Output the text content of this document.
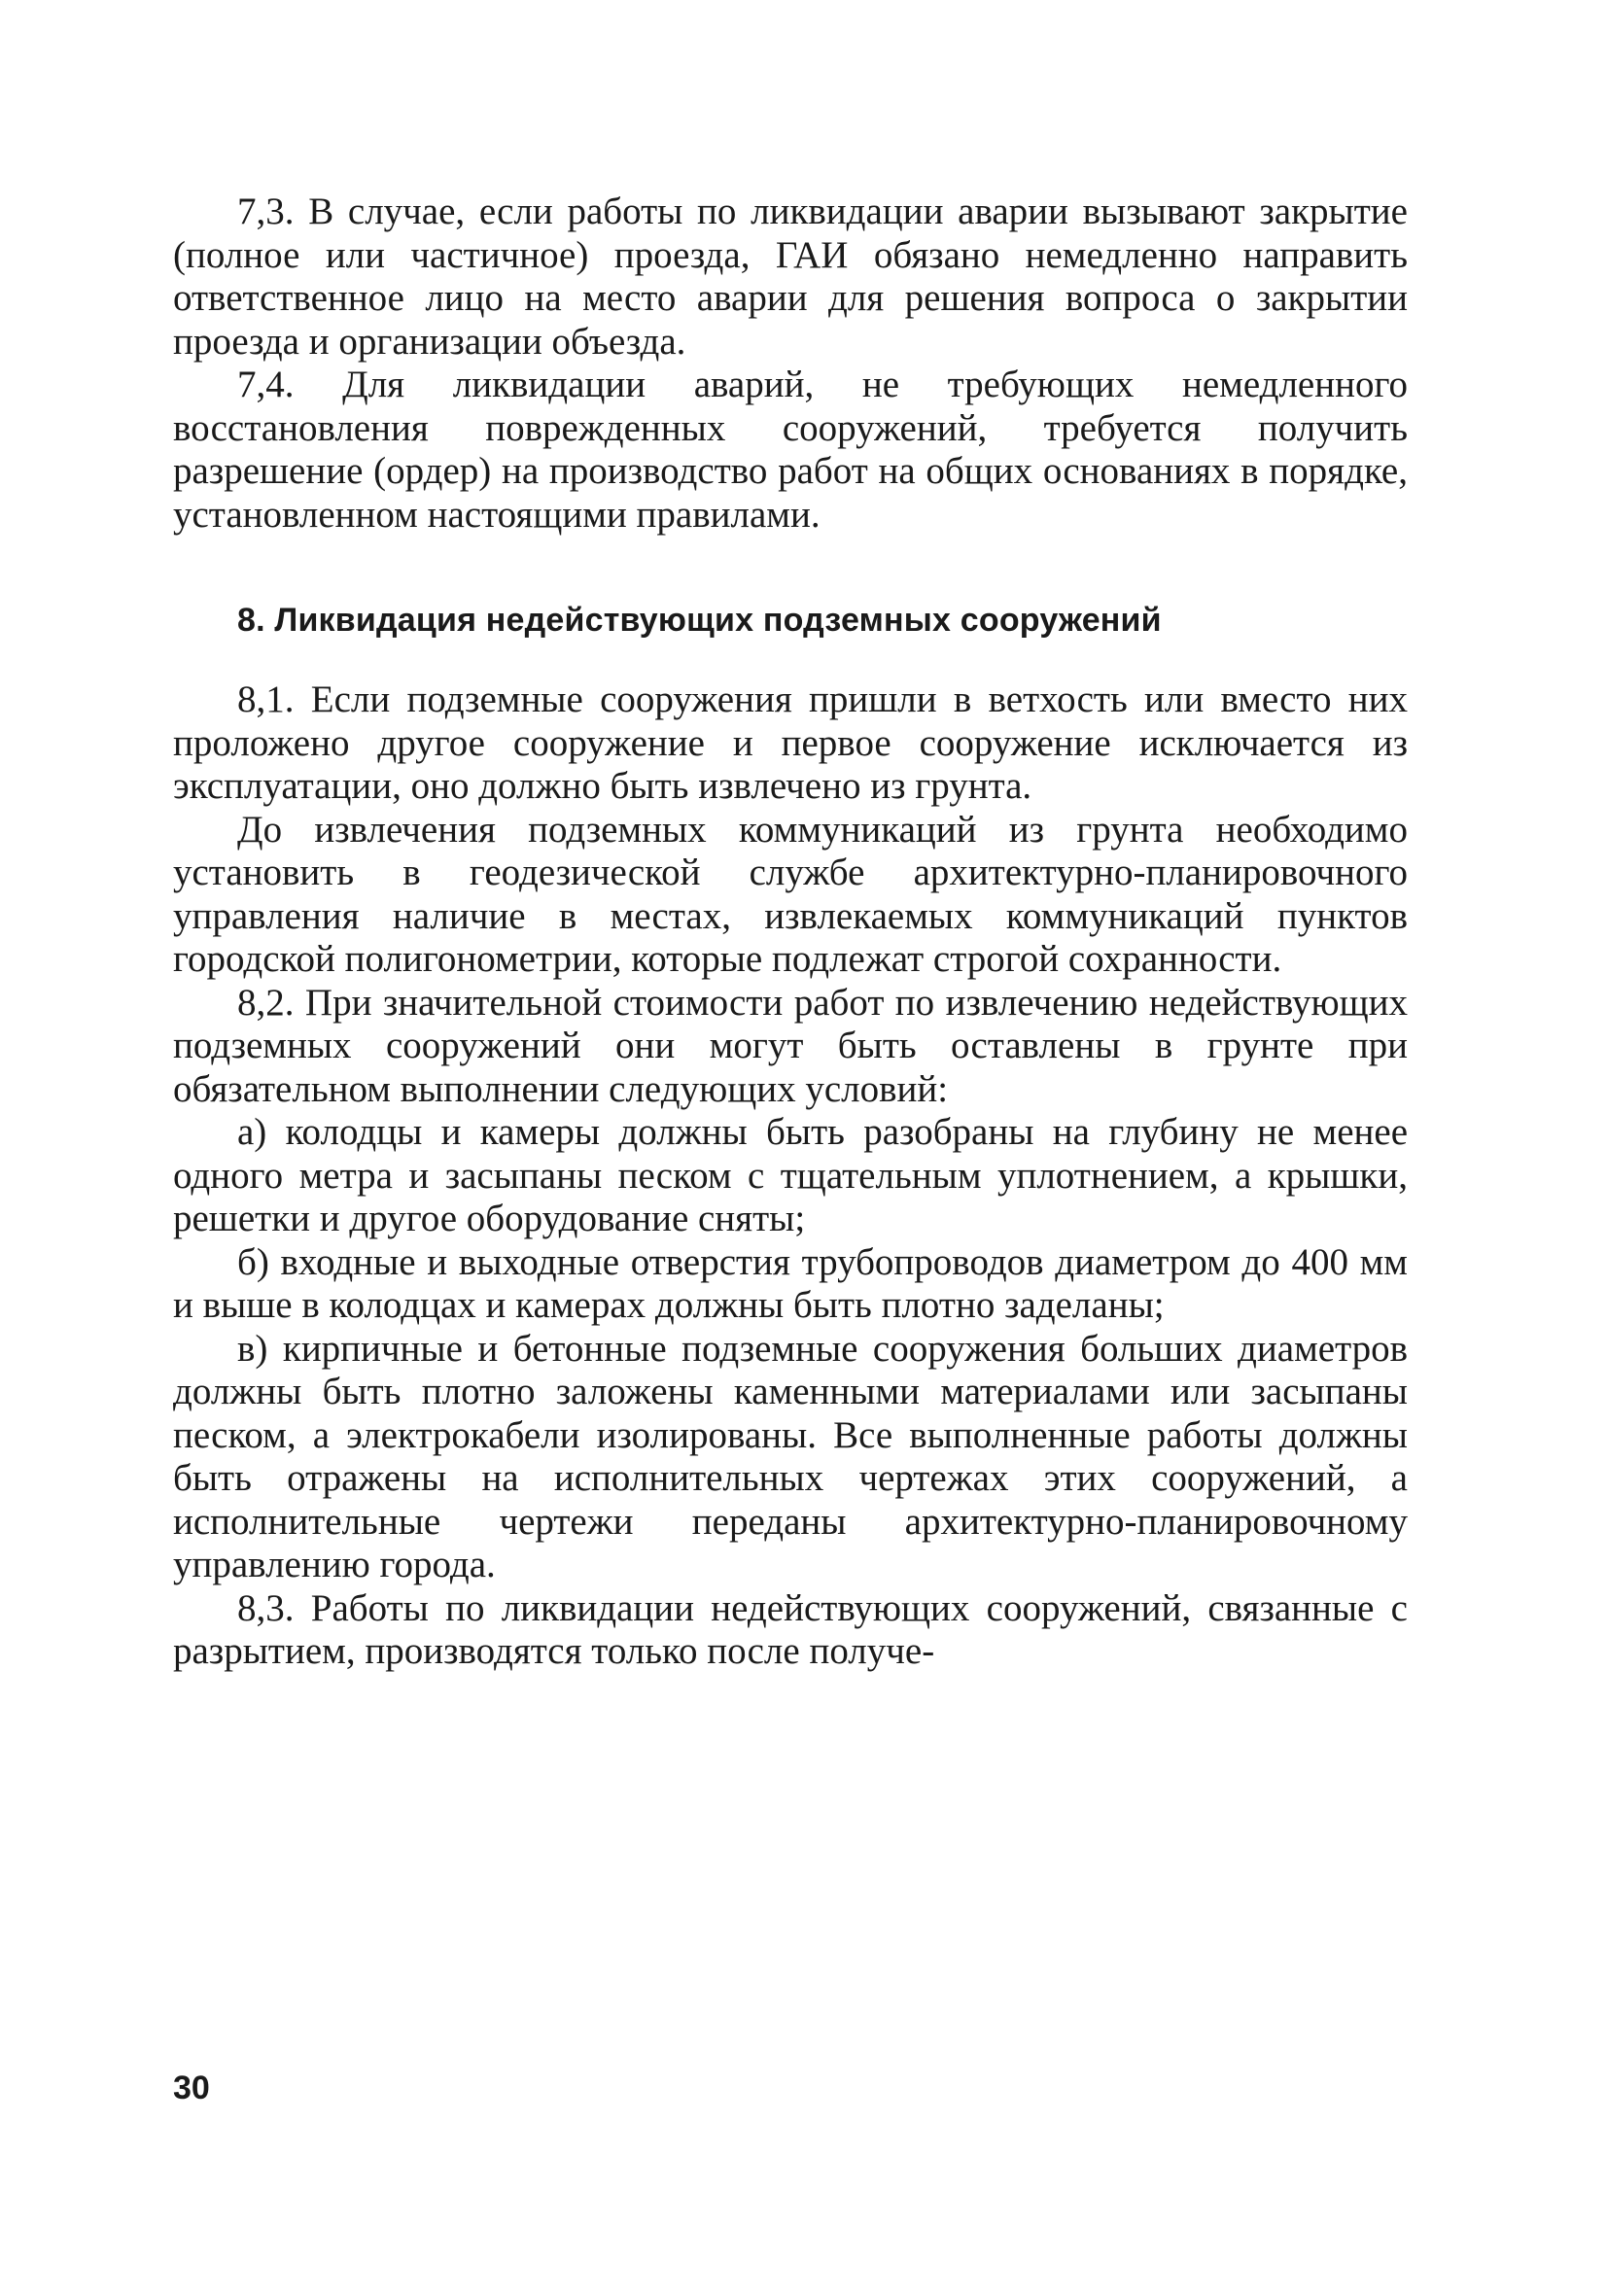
7,3. В случае, если работы по ликвидации аварии вызывают закрытие (полное или частичное) проезда, ГАИ обязано немедленно направить ответственное лицо на место аварии для решения вопроса о закрытии проезда и организации объезда.

7,4. Для ликвидации аварий, не требующих немедленного восстановления поврежденных сооружений, требуется получить разрешение (ордер) на производство работ на общих основаниях в порядке, установленном настоящими правилами.

8. Ликвидация недействующих подземных сооружений

8,1. Если подземные сооружения пришли в ветхость или вместо них проложено другое сооружение и первое сооружение исключается из эксплуатации, оно должно быть извлечено из грунта.

До извлечения подземных коммуникаций из грунта необходимо установить в геодезической службе архитектурно-планировочного управления наличие в местах, извлекаемых коммуникаций пунктов городской полигонометрии, которые подлежат строгой сохранности.

8,2. При значительной стоимости работ по извлечению недействующих подземных сооружений они могут быть оставлены в грунте при обязательном выполнении следующих условий:

а) колодцы и камеры должны быть разобраны на глубину не менее одного метра и засыпаны песком с тщательным уплотнением, а крышки, решетки и другое оборудование сняты;

б) входные и выходные отверстия трубопроводов диаметром до 400 мм и выше в колодцах и камерах должны быть плотно заделаны;

в) кирпичные и бетонные подземные сооружения больших диаметров должны быть плотно заложены каменными материалами или засыпаны песком, а электрокабели изолированы. Все выполненные работы должны быть отражены на исполнительных чертежах этих сооружений, а исполнительные чертежи переданы архитектурно-планировочному управлению города.

8,3. Работы по ликвидации недействующих сооружений, связанные с разрытием, производятся только после получе-

30
